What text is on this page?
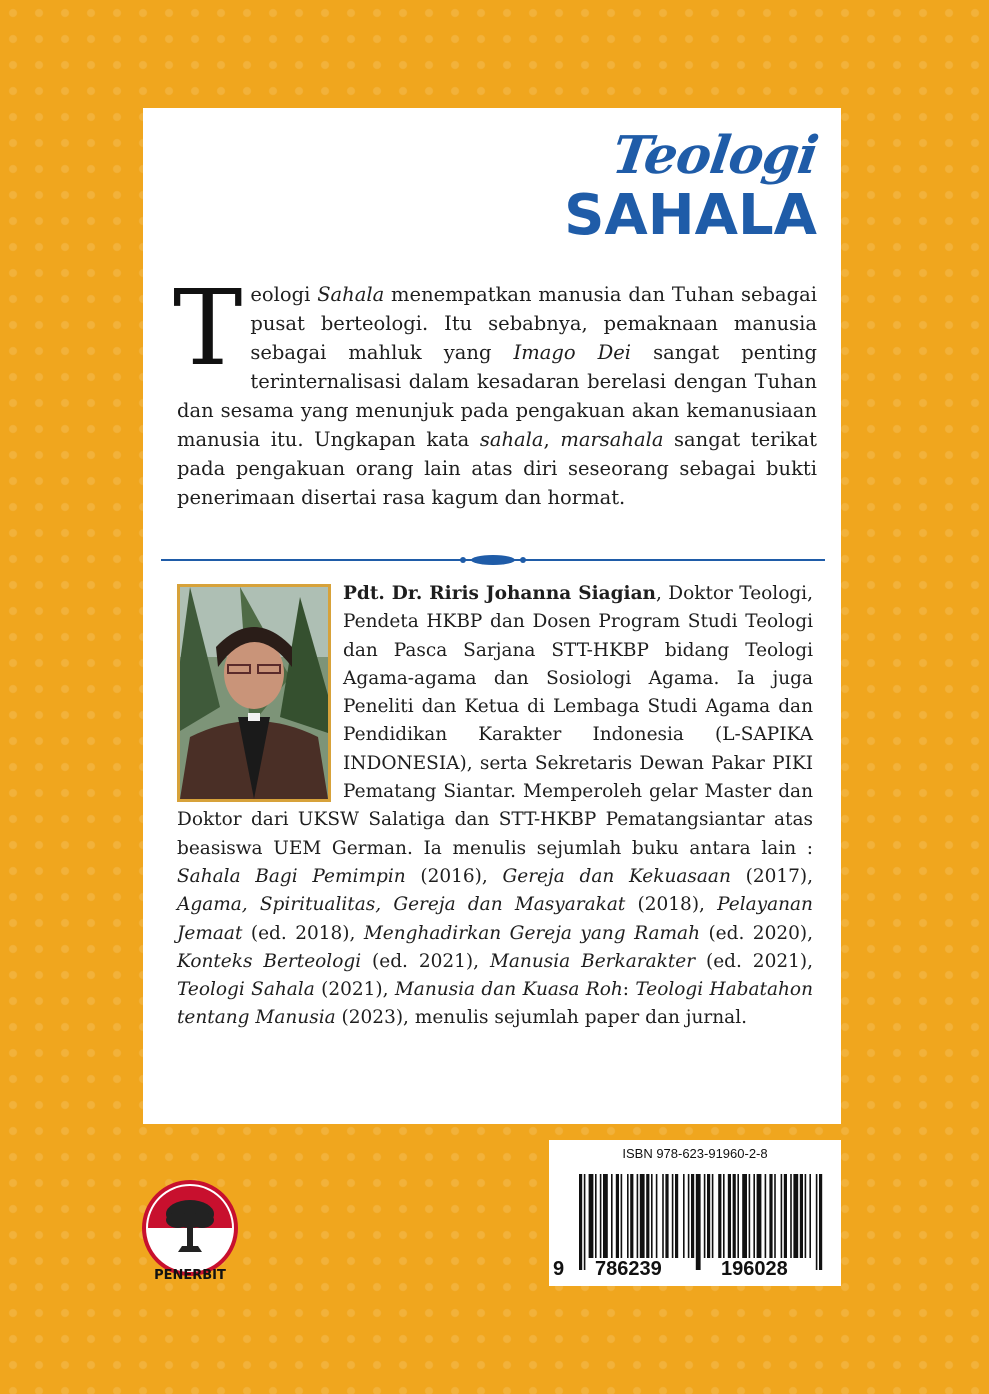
Teologi
SAHALA

Teologi Sahala menempatkan manusia dan Tuhan sebagai pusat berteologi. Itu sebabnya, pemaknaan manusia sebagai mahluk yang Imago Dei sangat penting terinternalisasi dalam kesadaran berelasi dengan Tuhan dan sesama yang menunjuk pada pengakuan akan kemanusiaan manusia itu. Ungkapan kata sahala, marsahala sangat terikat pada pengakuan orang lain atas diri seseorang sebagai bukti penerimaan disertai rasa kagum dan hormat.

Pdt. Dr. Riris Johanna Siagian, Doktor Teologi, Pendeta HKBP dan Dosen Program Studi Teologi dan Pasca Sarjana STT-HKBP bidang Teologi Agama-agama dan Sosiologi Agama. Ia juga Peneliti dan Ketua di Lembaga Studi Agama dan Pendidikan Karakter Indonesia (L-SAPIKA INDONESIA), serta Sekretaris Dewan Pakar PIKI Pematang Siantar. Memperoleh gelar Master dan Doktor dari UKSW Salatiga dan STT-HKBP Pematangsiantar atas beasiswa UEM German. Ia menulis sejumlah buku antara lain : Sahala Bagi Pemimpin (2016), Gereja dan Kekuasaan (2017), Agama, Spiritualitas, Gereja dan Masyarakat (2018), Pelayanan Jemaat (ed. 2018), Menghadirkan Gereja yang Ramah (ed. 2020), Konteks Berteologi (ed. 2021), Manusia Berkarakter (ed. 2021), Teologi Sahala (2021), Manusia dan Kuasa Roh: Teologi Habatahon tentang Manusia (2023), menulis sejumlah paper dan jurnal.

PENERBIT
ISBN 978-623-91960-2-8
9 786239	196028
